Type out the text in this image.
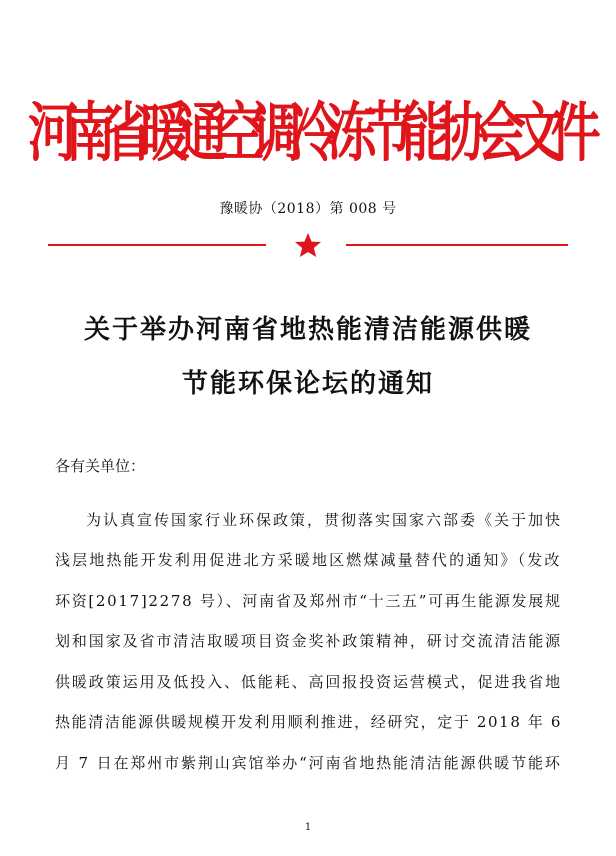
河南省暖通空调冷冻节能协会文件
豫暖协（2018）第 008 号
关于举办河南省地热能清洁能源供暖
节能环保论坛的通知
各有关单位：
为认真宣传国家行业环保政策，贯彻落实国家六部委《关于加快
浅层地热能开发利用促进北方采暖地区燃煤减量替代的通知》（发改
环资[2017]2278 号）、河南省及郑州市“十三五”可再生能源发展规
划和国家及省市清洁取暖项目资金奖补政策精神，研讨交流清洁能源
供暖政策运用及低投入、低能耗、高回报投资运营模式，促进我省地
热能清洁能源供暖规模开发利用顺利推进，经研究，定于 2018 年 6
月 7 日在郑州市紫荆山宾馆举办“河南省地热能清洁能源供暖节能环
1
